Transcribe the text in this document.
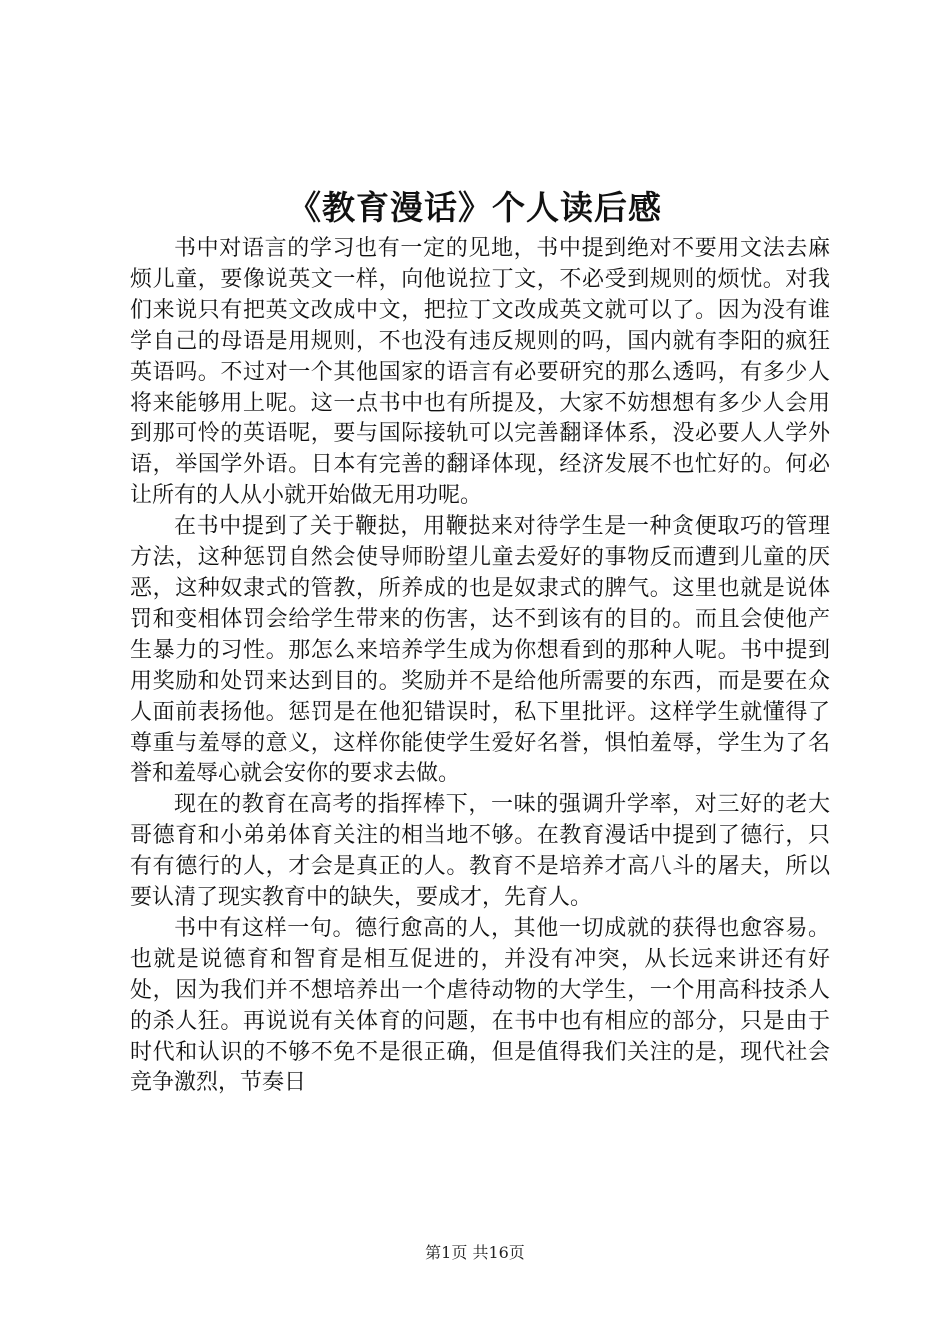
《教育漫话》个人读后感

书中对语言的学习也有一定的见地，书中提到绝对不要用文法去麻烦儿童，要像说英文一样，向他说拉丁文，不必受到规则的烦忧。对我们来说只有把英文改成中文，把拉丁文改成英文就可以了。因为没有谁学自己的母语是用规则，不也没有违反规则的吗，国内就有李阳的疯狂英语吗。不过对一个其他国家的语言有必要研究的那么透吗，有多少人将来能够用上呢。这一点书中也有所提及，大家不妨想想有多少人会用到那可怜的英语呢，要与国际接轨可以完善翻译体系，没必要人人学外语，举国学外语。日本有完善的翻译体现，经济发展不也忙好的。何必让所有的人从小就开始做无用功呢。

在书中提到了关于鞭挞，用鞭挞来对待学生是一种贪便取巧的管理方法，这种惩罚自然会使导师盼望儿童去爱好的事物反而遭到儿童的厌恶，这种奴隶式的管教，所养成的也是奴隶式的脾气。这里也就是说体罚和变相体罚会给学生带来的伤害，达不到该有的目的。而且会使他产生暴力的习性。那怎么来培养学生成为你想看到的那种人呢。书中提到用奖励和处罚来达到目的。奖励并不是给他所需要的东西，而是要在众人面前表扬他。惩罚是在他犯错误时，私下里批评。这样学生就懂得了尊重与羞辱的意义，这样你能使学生爱好名誉，惧怕羞辱，学生为了名誉和羞辱心就会安你的要求去做。

现在的教育在高考的指挥棒下，一味的强调升学率，对三好的老大哥德育和小弟弟体育关注的相当地不够。在教育漫话中提到了德行，只有有德行的人，才会是真正的人。教育不是培养才高八斗的屠夫，所以要认清了现实教育中的缺失，要成才，先育人。

书中有这样一句。德行愈高的人，其他一切成就的获得也愈容易。也就是说德育和智育是相互促进的，并没有冲突，从长远来讲还有好处，因为我们并不想培养出一个虐待动物的大学生，一个用高科技杀人的杀人狂。再说说有关体育的问题，在书中也有相应的部分，只是由于时代和认识的不够不免不是很正确，但是值得我们关注的是，现代社会竞争激烈，节奏日

第1页 共16页
